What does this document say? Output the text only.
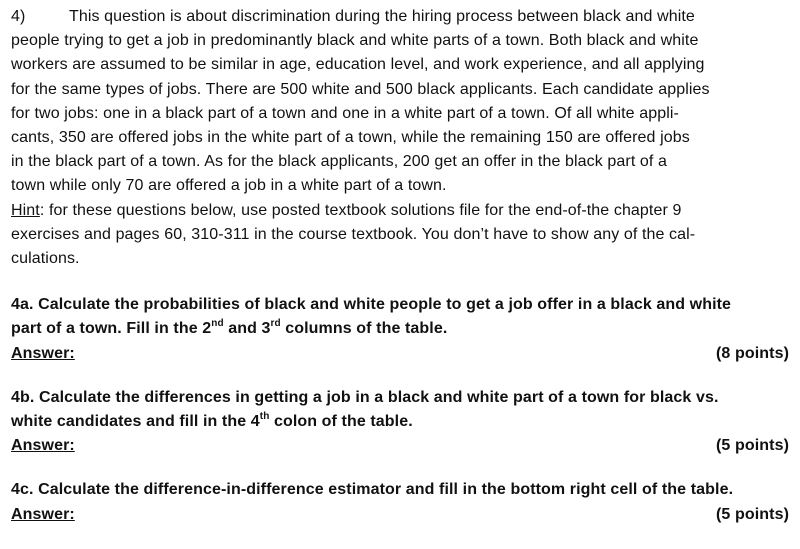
4)	This question is about discrimination during the hiring process between black and white
people trying to get a job in predominantly black and white parts of a town. Both black and white
workers are assumed to be similar in age, education level, and work experience, and all applying
for the same types of jobs. There are 500 white and 500 black applicants. Each candidate applies
for two jobs: one in a black part of a town and one in a white part of a town. Of all white appli-
cants, 350 are offered jobs in the white part of a town, while the remaining 150 are offered jobs
in the black part of a town. As for the black applicants, 200 get an offer in the black part of a
town while only 70 are offered a job in a white part of a town.
Hint: for these questions below, use posted textbook solutions file for the end-of-the chapter 9
exercises and pages 60, 310-311 in the course textbook. You don’t have to show any of the cal-
culations.
4a. Calculate the probabilities of black and white people to get a job offer in a black and white
part of a town. Fill in the 2nd and 3rd columns of the table.
Answer:	(8 points)
4b. Calculate the differences in getting a job in a black and white part of a town for black vs.
white candidates and fill in the 4th colon of the table.
Answer:	(5 points)
4c. Calculate the difference-in-difference estimator and fill in the bottom right cell of the table.
Answer:	(5 points)
